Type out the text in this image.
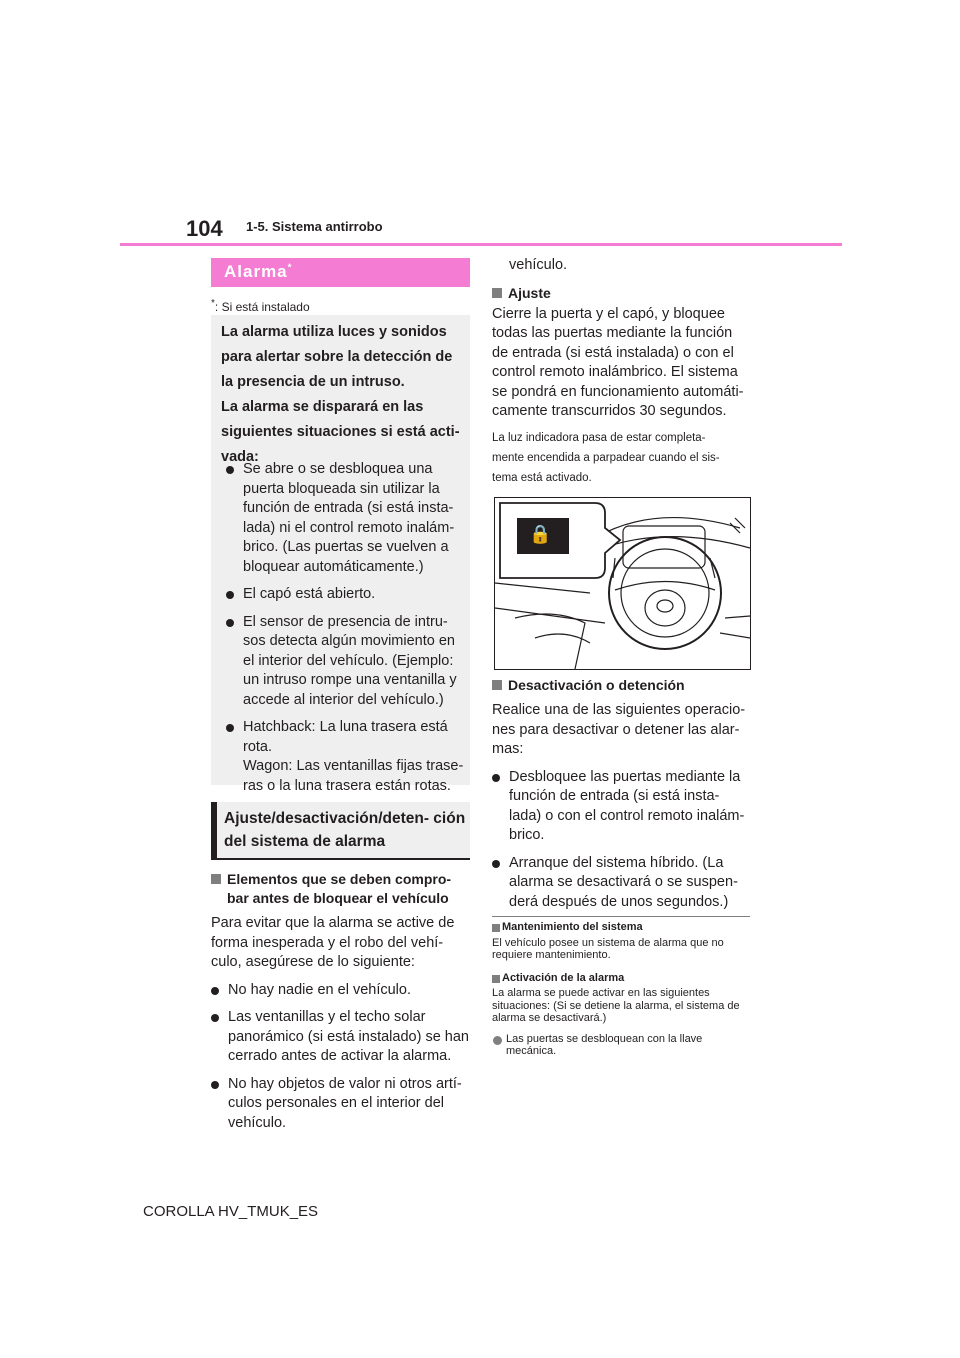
104 1-5. Sistema antirrobo
Alarma*
*: Si está instalado
La alarma utiliza luces y sonidos
para alertar sobre la detección de
la presencia de un intruso.
La alarma se disparará en las
siguientes situaciones si está acti-
vada:
Se abre o se desbloquea una puerta bloqueada sin utilizar la función de entrada (si está insta- lada) ni el control remoto inalám- brico. (Las puertas se vuelven a bloquear automáticamente.)
El capó está abierto.
El sensor de presencia de intru- sos detecta algún movimiento en el interior del vehículo. (Ejemplo: un intruso rompe una ventanilla y accede al interior del vehículo.)
Hatchback: La luna trasera está rota.
Wagon: Las ventanillas fijas trase- ras o la luna trasera están rotas.
Ajuste/desactivación/deten- ción del sistema de alarma
Elementos que se deben compro- bar antes de bloquear el vehículo
Para evitar que la alarma se active de forma inesperada y el robo del vehí- culo, asegúrese de lo siguiente:
No hay nadie en el vehículo.
Las ventanillas y el techo solar panorámico (si está instalado) se han cerrado antes de activar la alarma.
No hay objetos de valor ni otros artí- culos personales en el interior del vehículo.
vehículo.
Ajuste
Cierre la puerta y el capó, y bloquee todas las puertas mediante la función de entrada (si está instalada) o con el control remoto inalámbrico. El sistema se pondrá en funcionamiento automáti- camente transcurridos 30 segundos.
La luz indicadora pasa de estar completa-
mente encendida a parpadear cuando el sis-
tema está activado.
🔒
Desactivación o detención
Realice una de las siguientes operacio- nes para desactivar o detener las alar- mas:
Desbloquee las puertas mediante la función de entrada (si está insta- lada) o con el control remoto inalám- brico.
Arranque del sistema híbrido. (La alarma se desactivará o se suspen- derá después de unos segundos.)
Mantenimiento del sistema
El vehículo posee un sistema de alarma que no requiere mantenimiento.
Activación de la alarma
La alarma se puede activar en las siguientes situaciones: (Si se detiene la alarma, el sistema de alarma se desactivará.)
Las puertas se desbloquean con la llave mecánica.
COROLLA HV_TMUK_ES
